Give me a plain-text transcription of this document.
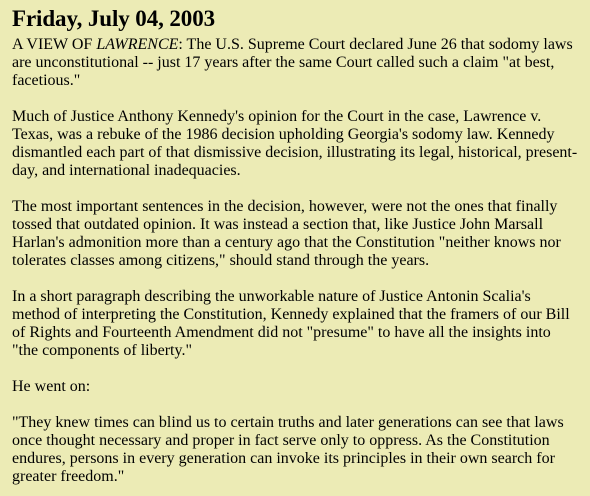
Friday, July 04, 2003

A VIEW OF LAWRENCE: The U.S. Supreme Court declared June 26 that sodomy laws are unconstitutional -- just 17 years after the same Court called such a claim "at best, facetious."

Much of Justice Anthony Kennedy's opinion for the Court in the case, Lawrence v. Texas, was a rebuke of the 1986 decision upholding Georgia's sodomy law. Kennedy dismantled each part of that dismissive decision, illustrating its legal, historical, present-day, and international inadequacies.

The most important sentences in the decision, however, were not the ones that finally tossed that outdated opinion. It was instead a section that, like Justice John Marsall Harlan's admonition more than a century ago that the Constitution "neither knows nor tolerates classes among citizens," should stand through the years.

In a short paragraph describing the unworkable nature of Justice Antonin Scalia's method of interpreting the Constitution, Kennedy explained that the framers of our Bill of Rights and Fourteenth Amendment did not "presume" to have all the insights into "the components of liberty."

He went on:

"They knew times can blind us to certain truths and later generations can see that laws once thought necessary and proper in fact serve only to oppress. As the Constitution endures, persons in every generation can invoke its principles in their own search for greater freedom."
